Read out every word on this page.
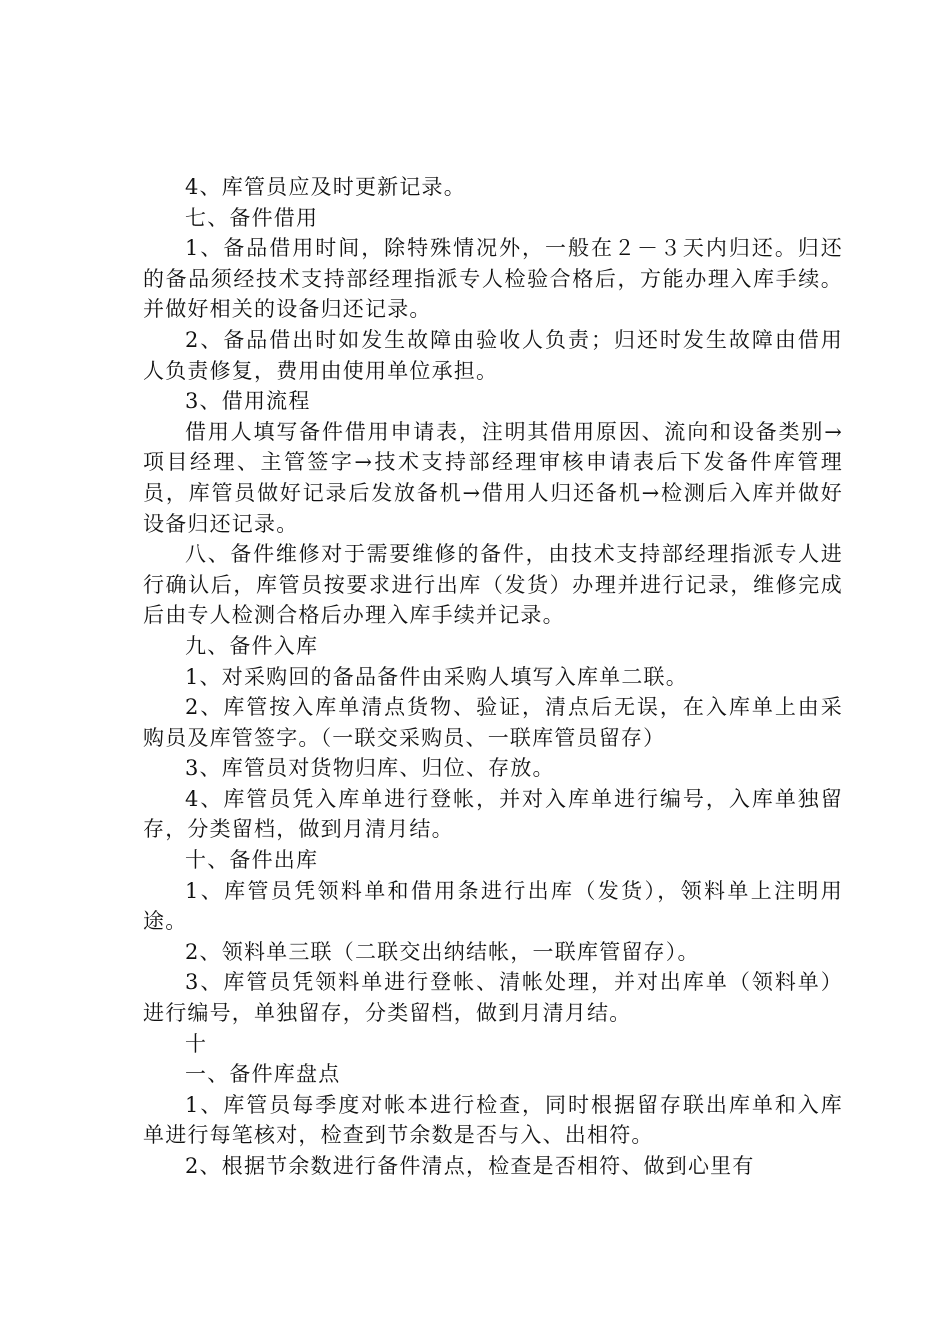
4、库管员应及时更新记录。

七、备件借用

1、备品借用时间，除特殊情况外，一般在２－３天内归还。归还的备品须经技术支持部经理指派专人检验合格后，方能办理入库手续。并做好相关的设备归还记录。

2、备品借出时如发生故障由验收人负责；归还时发生故障由借用人负责修复，费用由使用单位承担。

3、借用流程

借用人填写备件借用申请表，注明其借用原因、流向和设备类别→项目经理、主管签字→技术支持部经理审核申请表后下发备件库管理员，库管员做好记录后发放备机→借用人归还备机→检测后入库并做好设备归还记录。

八、备件维修对于需要维修的备件，由技术支持部经理指派专人进行确认后，库管员按要求进行出库（发货）办理并进行记录，维修完成后由专人检测合格后办理入库手续并记录。

九、备件入库

1、对采购回的备品备件由采购人填写入库单二联。

2、库管按入库单清点货物、验证，清点后无误，在入库单上由采购员及库管签字。（一联交采购员、一联库管员留存）

3、库管员对货物归库、归位、存放。

4、库管员凭入库单进行登帐，并对入库单进行编号，入库单独留存，分类留档，做到月清月结。

十、备件出库

1、库管员凭领料单和借用条进行出库（发货），领料单上注明用途。

2、领料单三联（二联交出纳结帐，一联库管留存）。

3、库管员凭领料单进行登帐、清帐处理，并对出库单（领料单）进行编号，单独留存，分类留档，做到月清月结。

十

一、备件库盘点

1、库管员每季度对帐本进行检查，同时根据留存联出库单和入库单进行每笔核对，检查到节余数是否与入、出相符。

2、根据节余数进行备件清点，检查是否相符、做到心里有
